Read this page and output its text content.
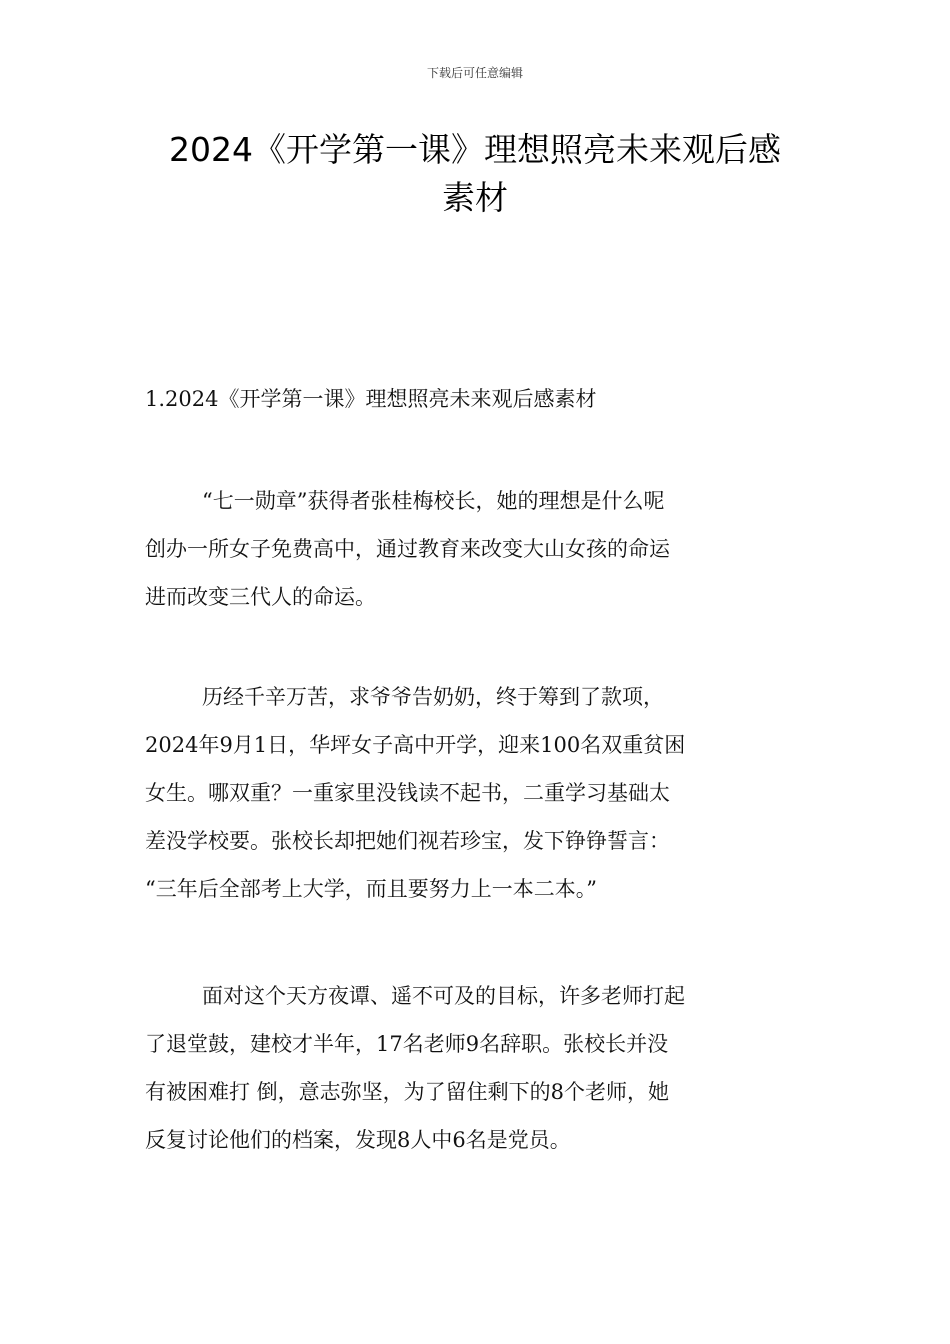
下载后可任意编辑
2024《开学第一课》理想照亮未来观后感
素材
1.2024《开学第一课》理想照亮未来观后感素材
　“七一勋章”获得者张桂梅校长，她的理想是什么呢
创办一所女子免费高中，通过教育来改变大山女孩的命运
进而改变三代人的命运。
　历经千辛万苦，求爷爷告奶奶，终于筹到了款项，
2024年9月1日，华坪女子高中开学，迎来100名双重贫困
女生。哪双重？一重家里没钱读不起书，二重学习基础太
差没学校要。张校长却把她们视若珍宝，发下铮铮誓言：
“三年后全部考上大学，而且要努力上一本二本。”
　面对这个天方夜谭、遥不可及的目标，许多老师打起
了退堂鼓，建校才半年，17名老师9名辞职。张校长并没
有被困难打 倒，意志弥坚，为了留住剩下的8个老师，她
反复讨论他们的档案，发现8人中6名是党员。
